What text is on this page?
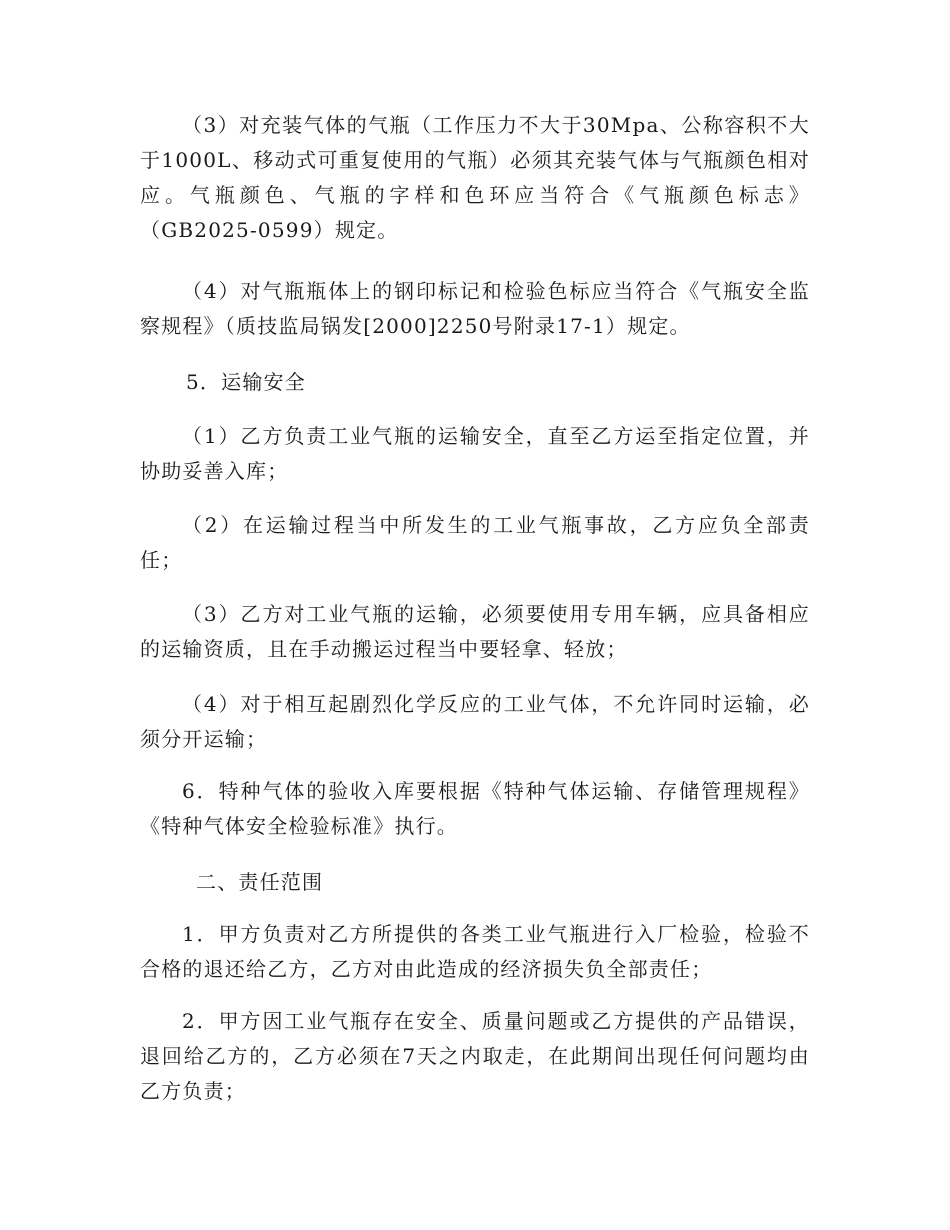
（3）对充装气体的气瓶（工作压力不大于30Mpa、公称容积不大于1000L、移动式可重复使用的气瓶）必须其充装气体与气瓶颜色相对应。气瓶颜色、气瓶的字样和色环应当符合《气瓶颜色标志》（GB2025-0599）规定。

（4）对气瓶瓶体上的钢印标记和检验色标应当符合《气瓶安全监察规程》（质技监局锅发[2000]2250号附录17-1）规定。

5．运输安全

（1）乙方负责工业气瓶的运输安全，直至乙方运至指定位置，并协助妥善入库；

（2）在运输过程当中所发生的工业气瓶事故，乙方应负全部责任；

（3）乙方对工业气瓶的运输，必须要使用专用车辆，应具备相应的运输资质，且在手动搬运过程当中要轻拿、轻放；

（4）对于相互起剧烈化学反应的工业气体，不允许同时运输，必须分开运输；

6．特种气体的验收入库要根据《特种气体运输、存储管理规程》《特种气体安全检验标准》执行。

二、责任范围

1．甲方负责对乙方所提供的各类工业气瓶进行入厂检验，检验不合格的退还给乙方，乙方对由此造成的经济损失负全部责任；

2．甲方因工业气瓶存在安全、质量问题或乙方提供的产品错误，退回给乙方的，乙方必须在7天之内取走，在此期间出现任何问题均由乙方负责；
